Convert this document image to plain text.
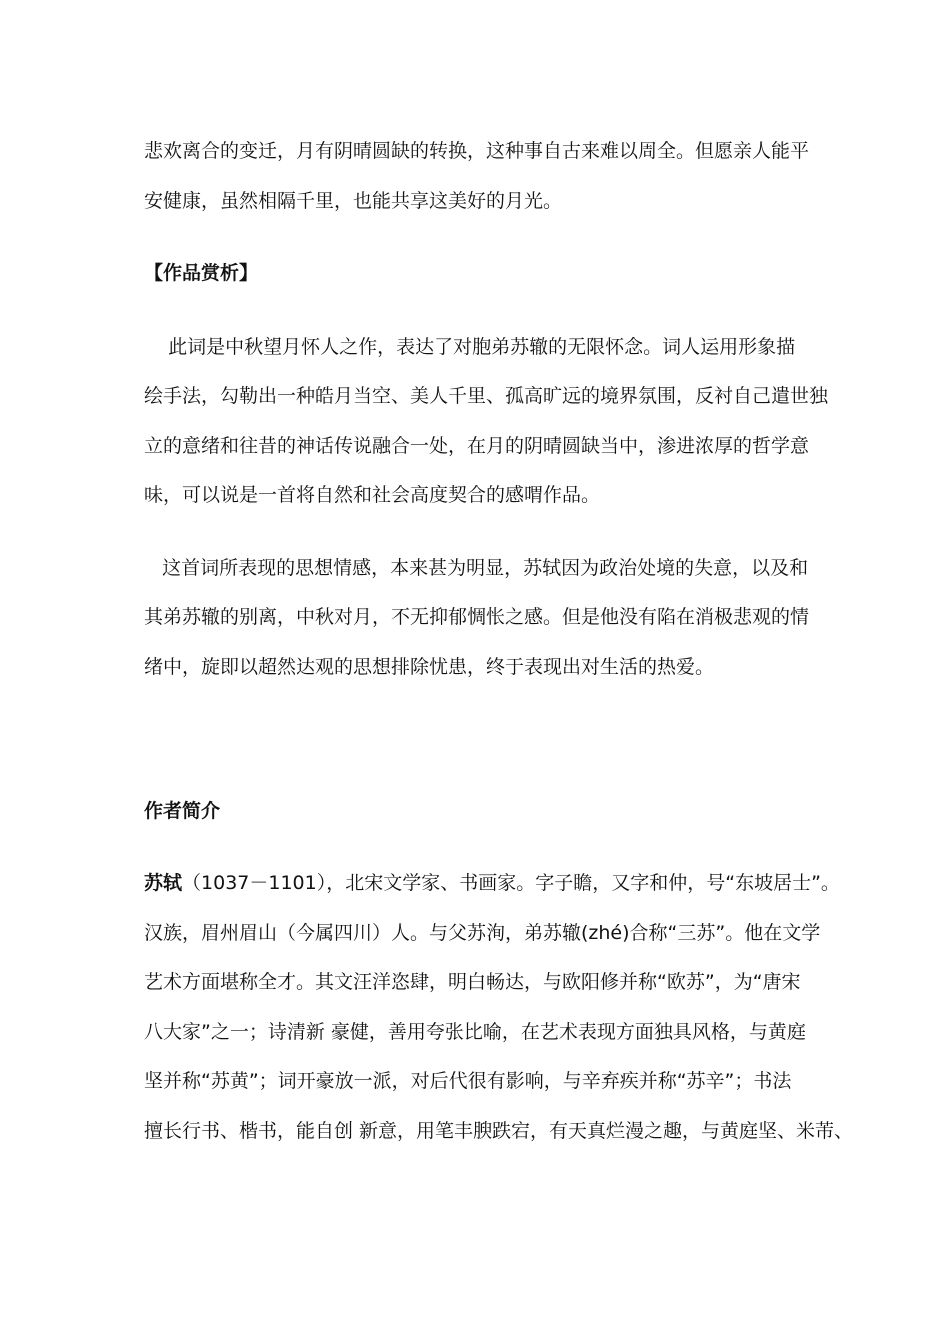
悲欢离合的变迁，月有阴晴圆缺的转换，这种事自古来难以周全。但愿亲人能平
安健康，虽然相隔千里，也能共享这美好的月光。
【作品赏析】
此词是中秋望月怀人之作，表达了对胞弟苏辙的无限怀念。词人运用形象描
绘手法，勾勒出一种皓月当空、美人千里、孤高旷远的境界氛围，反衬自己遣世独
立的意绪和往昔的神话传说融合一处，在月的阴晴圆缺当中，渗进浓厚的哲学意
味，可以说是一首将自然和社会高度契合的感喟作品。
这首词所表现的思想情感，本来甚为明显，苏轼因为政治处境的失意，以及和
其弟苏辙的别离，中秋对月，不无抑郁惆怅之感。但是他没有陷在消极悲观的情
绪中，旋即以超然达观的思想排除忧患，终于表现出对生活的热爱。
作者简介
苏轼（1037－1101），北宋文学家、书画家。字子瞻，又字和仲，号“东坡居士”。
汉族，眉州眉山（今属四川）人。与父苏洵，弟苏辙(zhé)合称“三苏”。他在文学
艺术方面堪称全才。其文汪洋恣肆，明白畅达，与欧阳修并称“欧苏”，为“唐宋
八大家”之一；诗清新 豪健，善用夸张比喻，在艺术表现方面独具风格，与黄庭
坚并称“苏黄”；词开豪放一派，对后代很有影响，与辛弃疾并称“苏辛”；书法
擅长行书、楷书，能自创 新意，用笔丰腴跌宕，有天真烂漫之趣，与黄庭坚、米芾、
